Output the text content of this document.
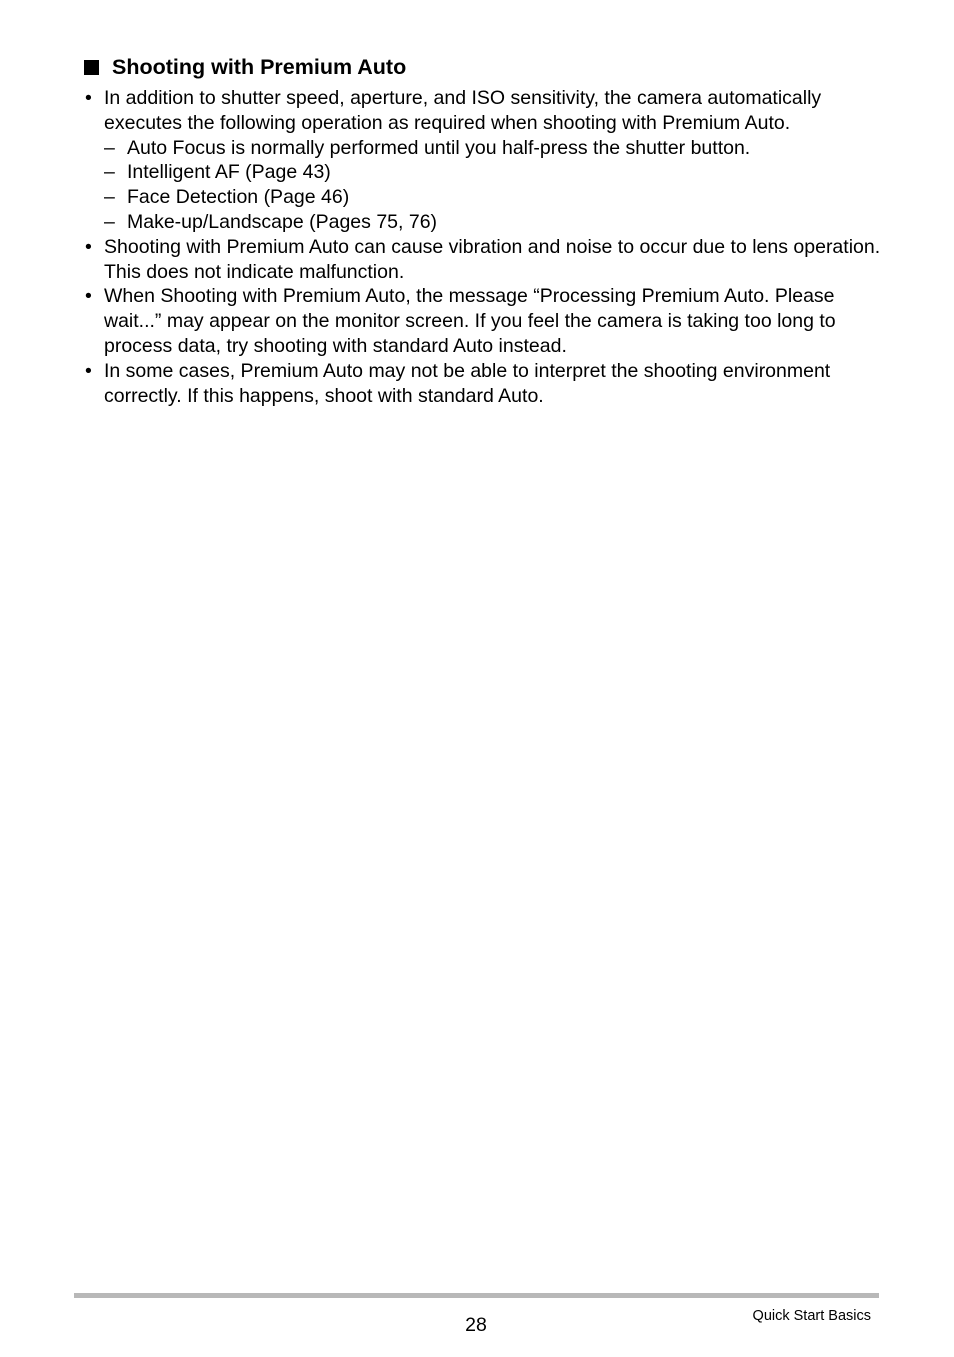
Shooting with Premium Auto
• In addition to shutter speed, aperture, and ISO sensitivity, the camera automatically executes the following operation as required when shooting with Premium Auto.
– Auto Focus is normally performed until you half-press the shutter button.
– Intelligent AF (Page 43)
– Face Detection (Page 46)
– Make-up/Landscape (Pages 75, 76)
• Shooting with Premium Auto can cause vibration and noise to occur due to lens operation. This does not indicate malfunction.
• When Shooting with Premium Auto, the message “Processing Premium Auto. Please wait...” may appear on the monitor screen. If you feel the camera is taking too long to process data, try shooting with standard Auto instead.
• In some cases, Premium Auto may not be able to interpret the shooting environment correctly. If this happens, shoot with standard Auto.
28	Quick Start Basics
